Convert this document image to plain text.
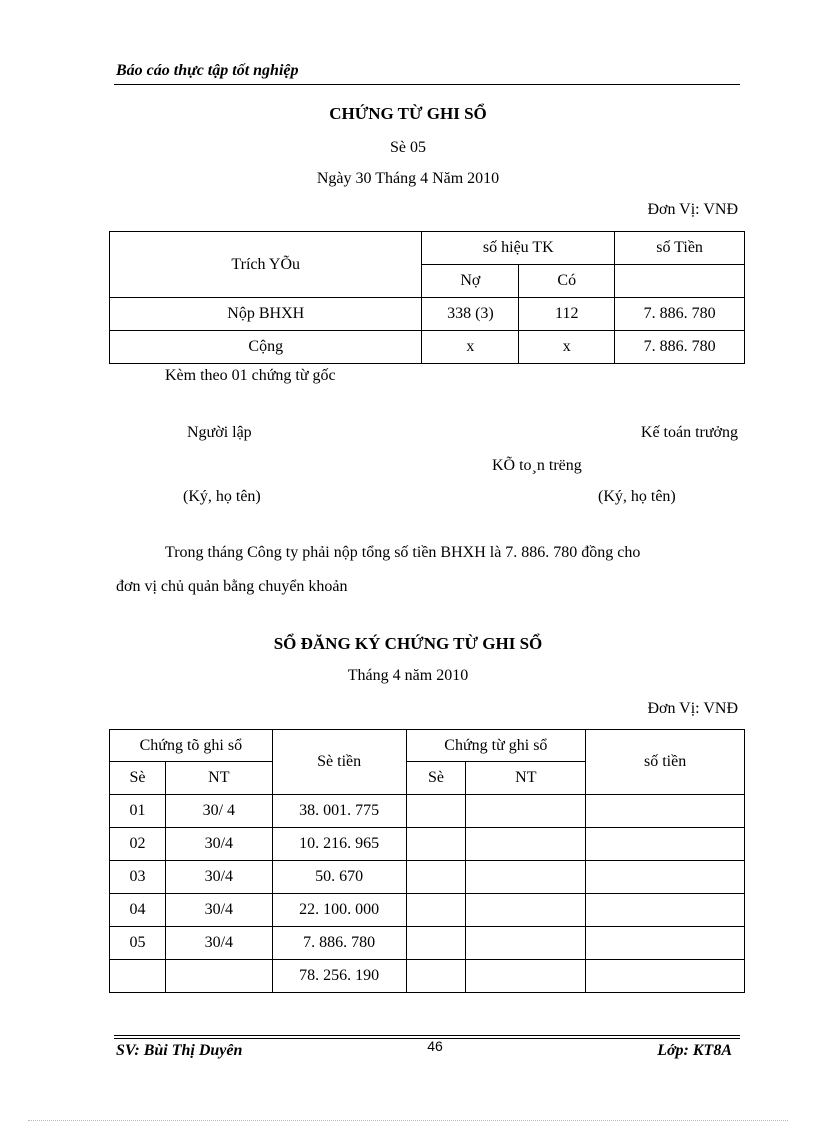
Báo cáo thực tập tốt nghiệp
CHỨNG TỪ GHI SỔ
Sè 05
Ngày 30 Tháng 4 Năm 2010
Đơn Vị: VNĐ
Trích YÕu	số hiệu TK		số Tiền
	Nợ	Có	
Nộp BHXH	338 (3)	112	7. 886. 780
Cộng	x	x	7. 886. 780
Kèm theo 01 chứng từ gốc
Người lập	Kế toán trưởng
KÕ to¸n trëng
(Ký, họ tên)	(Ký, họ tên)
Trong tháng Công ty phải nộp tổng số tiền BHXH là 7. 886. 780 đồng cho
đơn vị chủ quản bằng chuyển khoản
SỔ ĐĂNG KÝ CHỨNG TỪ GHI SỔ
Tháng 4 năm 2010
Đơn Vị: VNĐ
Chứng tõ ghi sổ		Sè tiền	Chứng từ ghi sổ		số tiền
Sè	NT		Sè	NT	
01	30/ 4	38. 001. 775			
02	30/4	10. 216. 965			
03	30/4	50. 670			
04	30/4	22. 100. 000			
05	30/4	7. 886. 780			
		78. 256. 190			
SV: Bùi Thị Duyên	46	Lớp: KT8A
